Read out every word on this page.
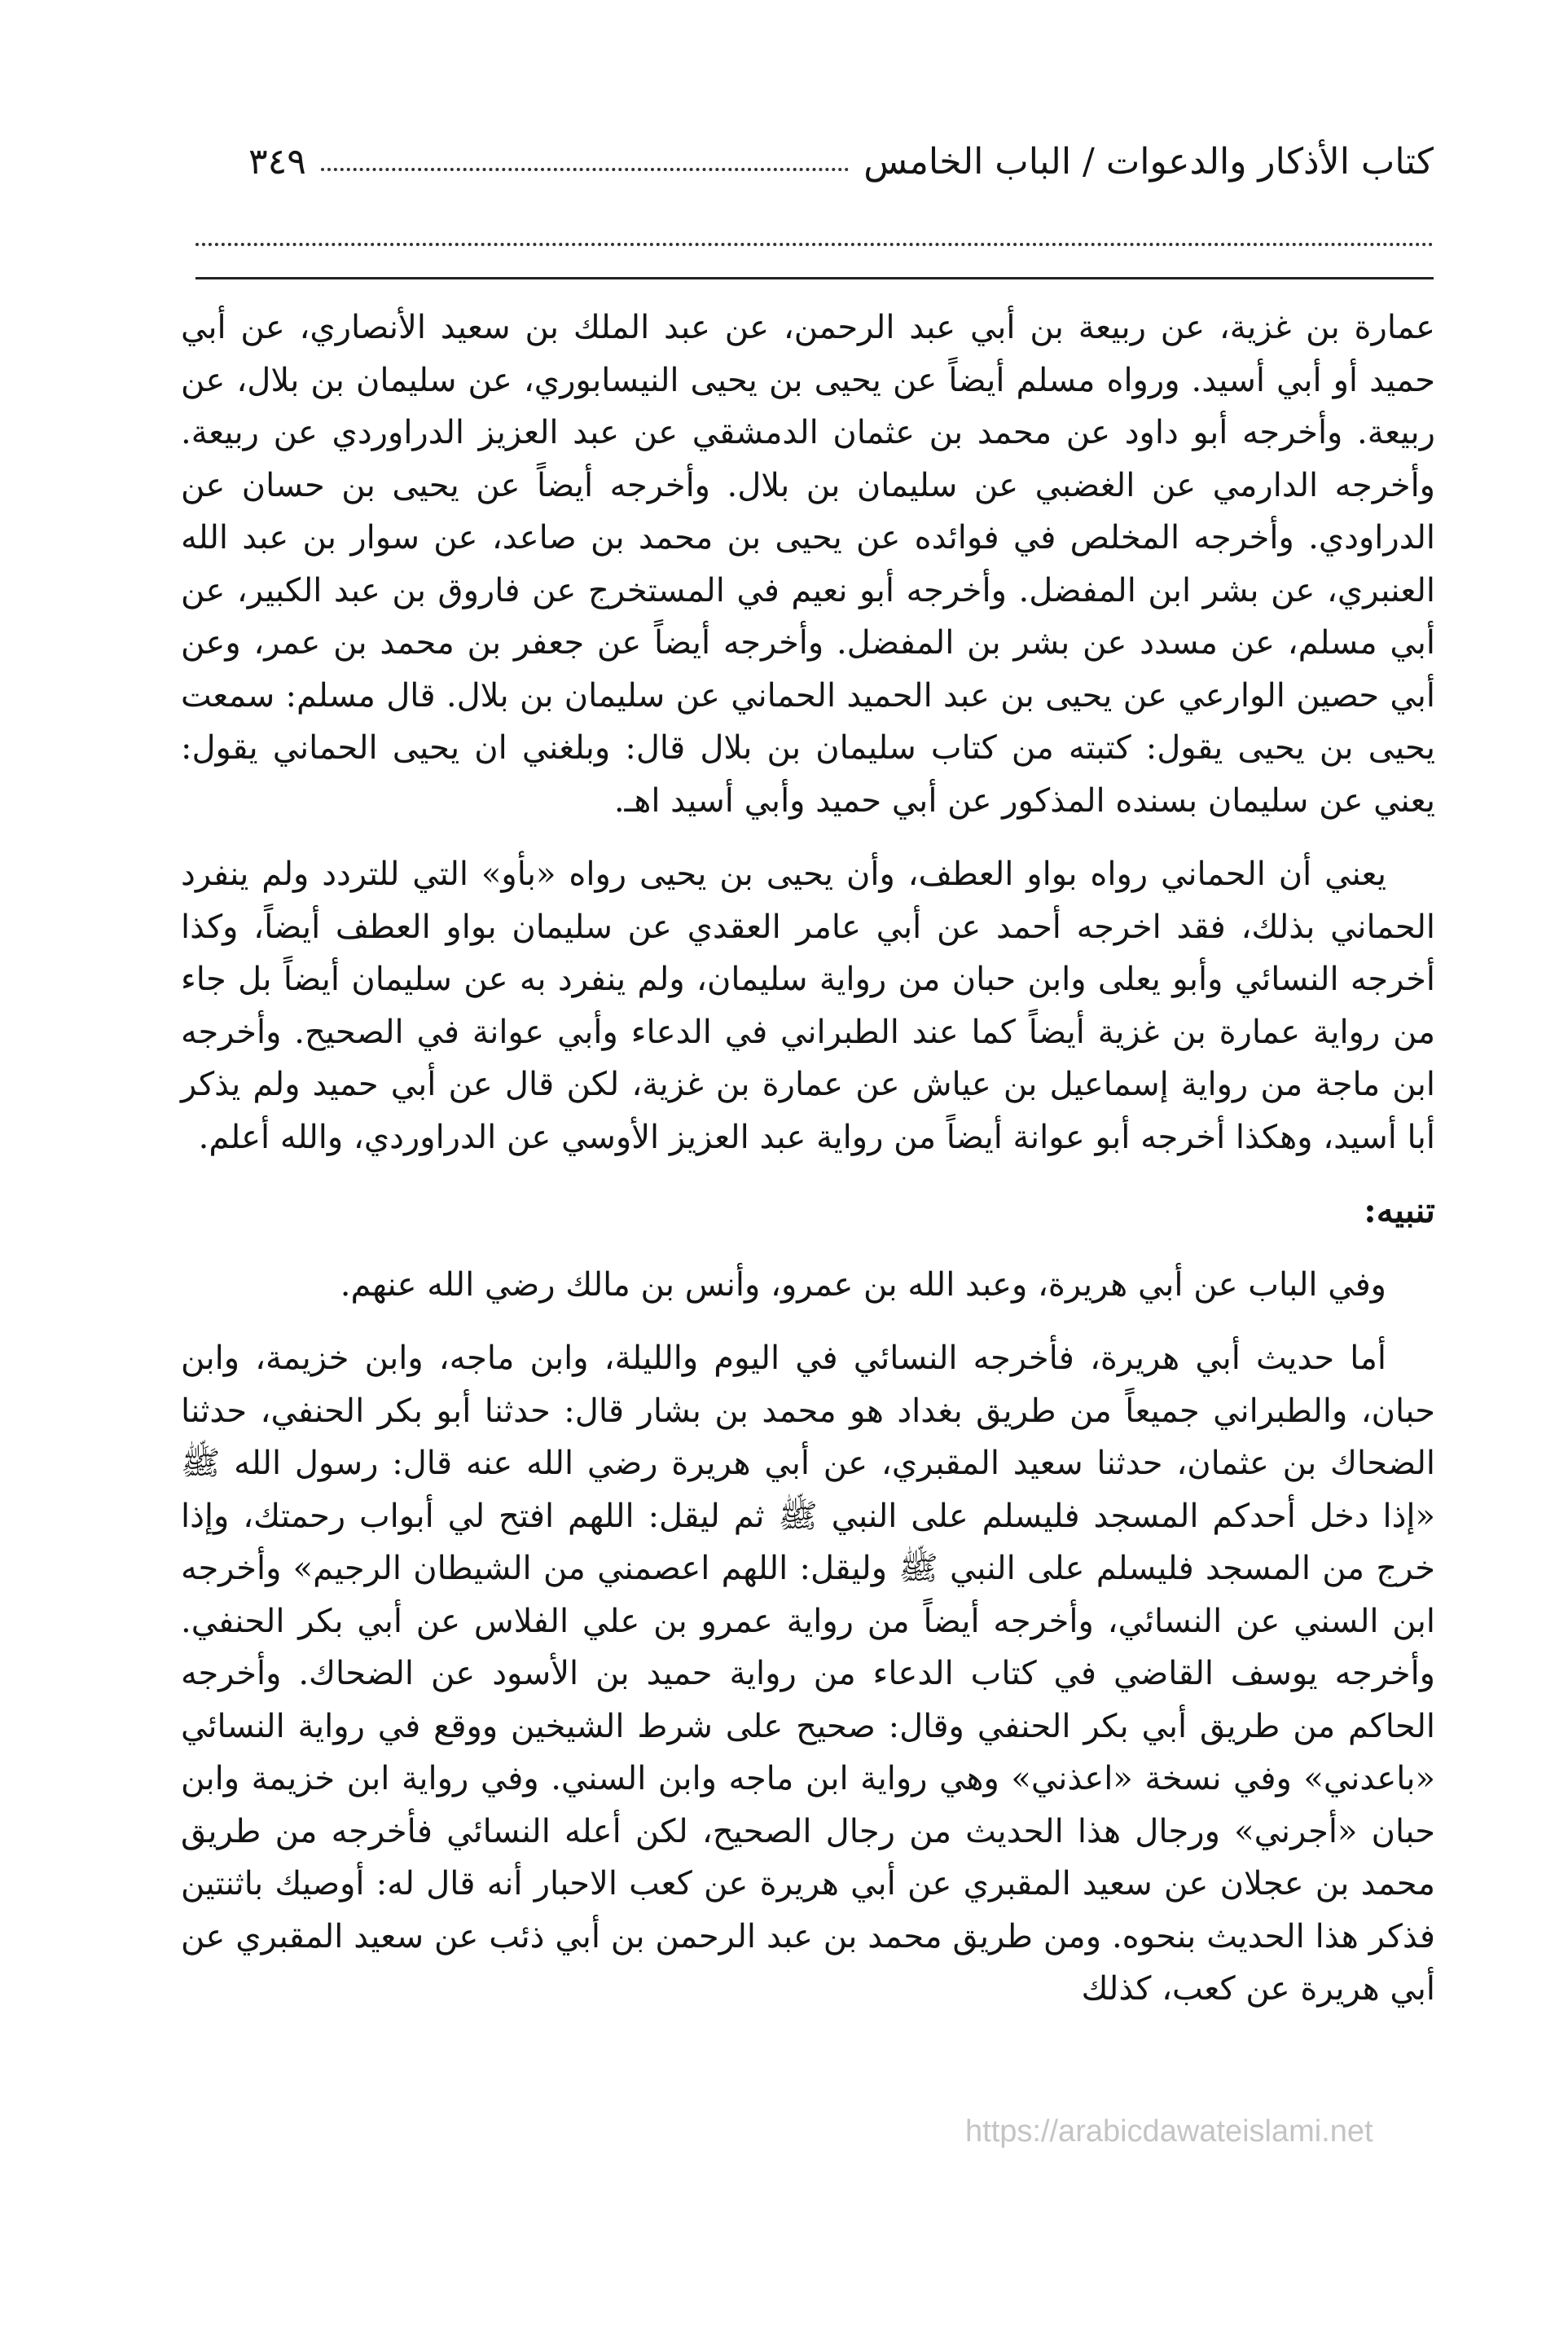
كتاب الأذكار والدعوات / الباب الخامس
٣٤٩

عمارة بن غزية، عن ربيعة بن أبي عبد الرحمن، عن عبد الملك بن سعيد الأنصاري، عن أبي حميد أو أبي أسيد. ورواه مسلم أيضاً عن يحيى بن يحيى النيسابوري، عن سليمان بن بلال، عن ربيعة. وأخرجه أبو داود عن محمد بن عثمان الدمشقي عن عبد العزيز الدراوردي عن ربيعة. وأخرجه الدارمي عن الغضبي عن سليمان بن بلال. وأخرجه أيضاً عن يحيى بن حسان عن الدراودي. وأخرجه المخلص في فوائده عن يحيى بن محمد بن صاعد، عن سوار بن عبد الله العنبري، عن بشر ابن المفضل. وأخرجه أبو نعيم في المستخرج عن فاروق بن عبد الكبير، عن أبي مسلم، عن مسدد عن بشر بن المفضل. وأخرجه أيضاً عن جعفر بن محمد بن عمر، وعن أبي حصين الوارعي عن يحيى بن عبد الحميد الحماني عن سليمان بن بلال. قال مسلم: سمعت يحيى بن يحيى يقول: كتبته من كتاب سليمان بن بلال قال: وبلغني ان يحيى الحماني يقول: يعني عن سليمان بسنده المذكور عن أبي حميد وأبي أسيد اهـ.

يعني أن الحماني رواه بواو العطف، وأن يحيى بن يحيى رواه «بأو» التي للتردد ولم ينفرد الحماني بذلك، فقد اخرجه أحمد عن أبي عامر العقدي عن سليمان بواو العطف أيضاً، وكذا أخرجه النسائي وأبو يعلى وابن حبان من رواية سليمان، ولم ينفرد به عن سليمان أيضاً بل جاء من رواية عمارة بن غزية أيضاً كما عند الطبراني في الدعاء وأبي عوانة في الصحيح. وأخرجه ابن ماجة من رواية إسماعيل بن عياش عن عمارة بن غزية، لكن قال عن أبي حميد ولم يذكر أبا أسيد، وهكذا أخرجه أبو عوانة أيضاً من رواية عبد العزيز الأوسي عن الدراوردي، والله أعلم.

تنبيه:

وفي الباب عن أبي هريرة، وعبد الله بن عمرو، وأنس بن مالك رضي الله عنهم.

أما حديث أبي هريرة، فأخرجه النسائي في اليوم والليلة، وابن ماجه، وابن خزيمة، وابن حبان، والطبراني جميعاً من طريق بغداد هو محمد بن بشار قال: حدثنا أبو بكر الحنفي، حدثنا الضحاك بن عثمان، حدثنا سعيد المقبري، عن أبي هريرة رضي الله عنه قال: رسول الله ﷺ «إذا دخل أحدكم المسجد فليسلم على النبي ﷺ ثم ليقل: اللهم افتح لي أبواب رحمتك، وإذا خرج من المسجد فليسلم على النبي ﷺ وليقل: اللهم اعصمني من الشيطان الرجيم» وأخرجه ابن السني عن النسائي، وأخرجه أيضاً من رواية عمرو بن علي الفلاس عن أبي بكر الحنفي. وأخرجه يوسف القاضي في كتاب الدعاء من رواية حميد بن الأسود عن الضحاك. وأخرجه الحاكم من طريق أبي بكر الحنفي وقال: صحيح على شرط الشيخين ووقع في رواية النسائي «باعدني» وفي نسخة «اعذني» وهي رواية ابن ماجه وابن السني. وفي رواية ابن خزيمة وابن حبان «أجرني» ورجال هذا الحديث من رجال الصحيح، لكن أعله النسائي فأخرجه من طريق محمد بن عجلان عن سعيد المقبري عن أبي هريرة عن كعب الاحبار أنه قال له: أوصيك باثنتين فذكر هذا الحديث بنحوه. ومن طريق محمد بن عبد الرحمن بن أبي ذئب عن سعيد المقبري عن أبي هريرة عن كعب، كذلك

https://arabicdawateislami.net
